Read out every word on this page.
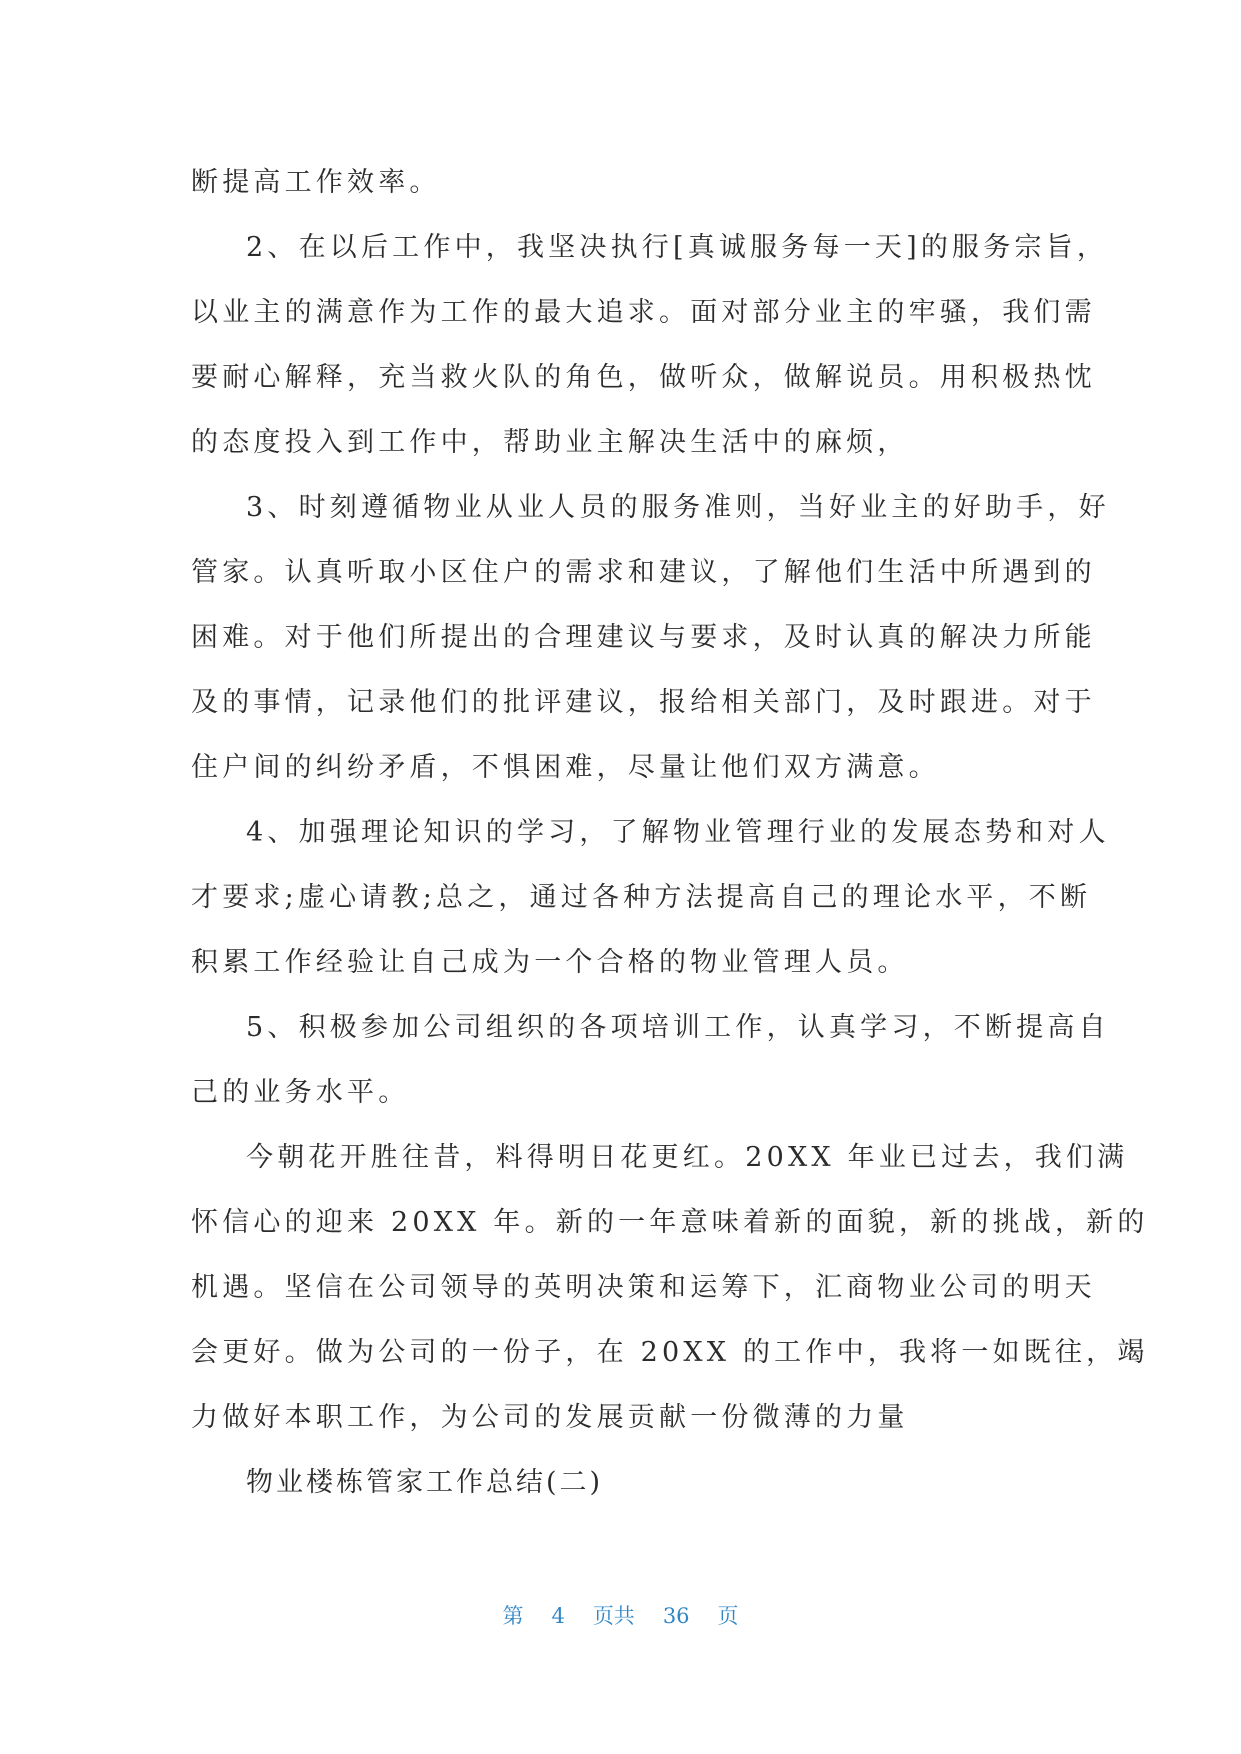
断提高工作效率。
2、在以后工作中，我坚决执行[真诚服务每一天]的服务宗旨，
以业主的满意作为工作的最大追求。面对部分业主的牢骚，我们需
要耐心解释，充当救火队的角色，做听众，做解说员。用积极热忱
的态度投入到工作中，帮助业主解决生活中的麻烦，
3、时刻遵循物业从业人员的服务准则，当好业主的好助手，好
管家。认真听取小区住户的需求和建议，了解他们生活中所遇到的
困难。对于他们所提出的合理建议与要求，及时认真的解决力所能
及的事情，记录他们的批评建议，报给相关部门，及时跟进。对于
住户间的纠纷矛盾，不惧困难，尽量让他们双方满意。
4、加强理论知识的学习，了解物业管理行业的发展态势和对人
才要求;虚心请教;总之，通过各种方法提高自己的理论水平，不断
积累工作经验让自己成为一个合格的物业管理人员。
5、积极参加公司组织的各项培训工作，认真学习，不断提高自
己的业务水平。
今朝花开胜往昔，料得明日花更红。20XX 年业已过去，我们满
怀信心的迎来 20XX 年。新的一年意味着新的面貌，新的挑战，新的
机遇。坚信在公司领导的英明决策和运筹下，汇商物业公司的明天
会更好。做为公司的一份子，在 20XX 的工作中，我将一如既往，竭
力做好本职工作，为公司的发展贡献一份微薄的力量
物业楼栋管家工作总结(二)
第 4 页共 36 页
